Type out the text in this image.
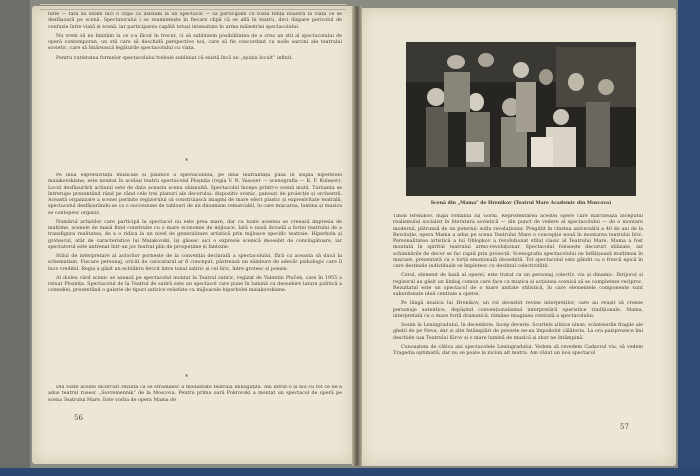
tatie — fără să uităm nici o clipă că asistăm la un spectacol — să participăm cu toată ființa noastră la viața ce se desfășoară pe scenă. Spectatorului i se reamintește în fiecare clipă că se află în teatru, deci dispare pericolul de confuzie între viață și scenă, iar participarea capătă totuși intensitate în urma măiestriei spectacolului.

Nu vrem să ne limităm la ce s-a făcut în trecut, ci să subliniem posibilitatea de a crea un stil al spectacolului de operă contemporan, un stil care să deschidă perspective noi, care să fie concordant cu noile sarcini ale teatrului sovietic, care să întărească legăturile spectacolului cu viața.

Pentru varietatea formelor spectacolului trebuie subliniat că există încă un „spațiu locuit” infinit.

*

Pe linia expresivității muzicale și plastice a spectacolului, pe linia teatralității pusă în slujba hiperbolei maiakovskiene, este montat în același teatru spectacolul Ploșnița (regia V. N. Vasoșer — scenografia — K. F. Kuleșov). Locul desfășurării acțiunii este de data aceasta scena obișnuită. Spectacolul începe printr-o scenă mută. Turnanta se întrerupe prezentând rând pe rând cele trei planuri ale decorului: dispozitiv scenic, panouri de proiecție și orchestră. Această organizare a scenei permite regizorului să construiască imagini de mare efect plastic și expresivitate teatrală, spectacolul desfășurându-se ca o succesiune de tablouri de un dinamism remarcabil, în care mișcarea, lumina și muzica se contopesc organic.

Numărul artiștilor care participă la spectacol nu este prea mare, dar cu toate acestea se creează impresia de mulțime, scenele de masă fiind construite cu o mare economie de mijloace. Iată o nouă dovadă a forței teatrului de a transfigura realitatea, de a o ridica la un nivel de generalizare artistică prin mijloace specific teatrale. Hiperbola și grotescul, atât de caracteristice lui Maiakovski, își găsesc aici o expresie scenică deosebit de convingătoare, iar spectatorul este antrenat într-un joc teatral plin de prospețime și fantezie.

Stilul de interpretare al actorilor pornește de la convenția declarată a spectacolului, fără ca aceasta să ducă la schematism. Fiecare personaj, oricât de caricatural ar fi conceput, păstrează un sâmbure de adevăr psihologic care îl face credibil. Regia a găsit un echilibru fericit între tonul satiric și cel liric, între grotesc și poezie.

Al doilea cârd scenic se axează pe spectacolul montat la Teatrul satiric, regizat de Valentin Pluček, care în 1955 a reluat Ploșnița. Spectacolul de la Teatrul de satiră este un spectacol care pune în lumină cu deosebire latura politică a comediei, prezentând o galerie de tipuri satirice reliefate cu mijloacele hiperbolei maiakovskiene.

*

Din toate aceste încercări rezultă că se străduiesc a modalitate teatrală îmbogățită. Am intrat-o și noi cu tot ce ne-a adus teatrul rusesc „Sovremennik” de la Moscova. Pentru prima oară Pokrovski a montat un spectacol de operă pe scena Teatrului Mare. Este vorba de opera Mama de

56
Scenă din „Mama” de Hrenikov (Teatrul Mare Academic din Moscova)

Tihon Hrenikov, după romanul lui Gorki. Reprezentarea acestei opere care marchează începutul realismului socialist în literatura sovietică — din punct de vedere al spectacolului — de o montare modernă, pătrunsă de un puternic suflu revoluționar. Pregătit în cinstea aniversării a 40 de ani de la Revoluție, opera Mama a adus pe scena Teatrului Mare o concepție nouă în montarea teatrului liric. Personalitatea artistică a lui Oblopkov a revoluționat stilul clasic al Teatrului Mare. Mama a fost montată în spiritul teatrului armo-revoluționar. Spectacolul folosește decoruri stilizate, iar schimbările de decor se fac rapid prin proiecții. Scenografia spectacolului ne înfățișează mulțimea în mișcare, prezentată cu o forță emoțională deosebită. Tot spectacolul este gândit ca o frescă epică în care destinele individuale se împletesc cu destinul colectivității.

Corul, element de bază al operei, este tratat ca un personaj colectiv, viu și dinamic. Dirijorul și regizorul au găsit un limbaj comun care face ca muzica și acțiunea scenică să se completeze reciproc. Rezultatul este un spectacol de o mare unitate stilistică, în care elementele componente sunt subordonate ideii centrale a operei.

Pe lângă muzica lui Hrenikov, un rol deosebit revine interpreților, care au reușit să creeze personaje autentice, depășind convenționalismul interpretării operistice tradiționale. Mama, interpretată cu o mare forță dramatică, rămâne imaginea centrală a spectacolului.

Sosim la Leningradului, în decembrie, încep deverie. Scurtele zilnice ninse, scânteierile fragile ale gheții de pe Neva, dar și alte întâmplări de poveste ne-au împodobit călătoria. La ora paisprezece îmi deschide ușa Teatrului Kirov și o mare lumină de muzică și zbor ne întâmpină.

Cunoaștem de câțiva ani spectacolele Leningradului. Vedem să revedem Cadavrul viu, să vedem Tragedia optimistă, dar nu se poate la niciun alt teatru. Am văzut un nou spectacol

57
